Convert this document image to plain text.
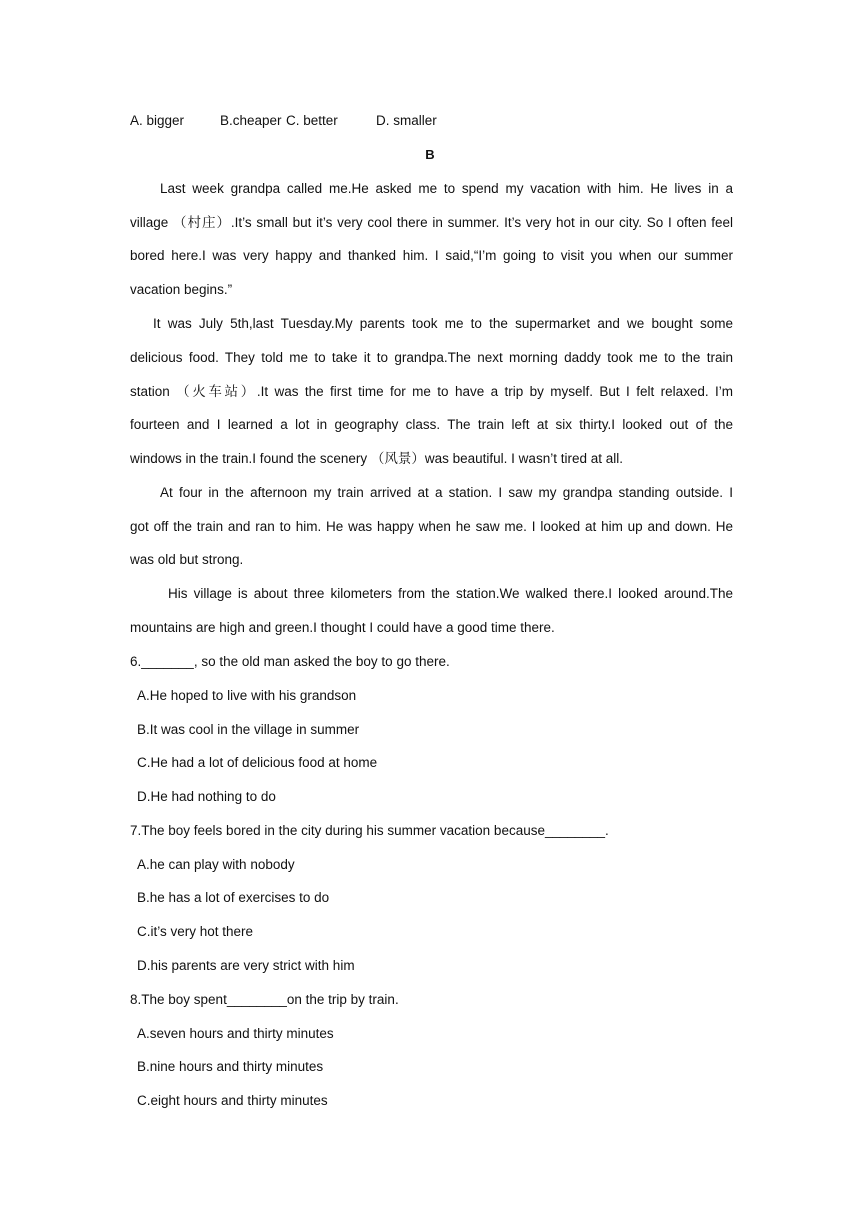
A. bigger	B.cheaper C. better	D. smaller
B
Last week grandpa called me.He asked me to spend my vacation with him. He lives in a
village （村庄）.It’s small but it’s very cool there in summer. It’s very hot in our city. So I often feel
bored here.I was very happy and thanked him. I said,“I’m going to visit you when our summer
vacation begins.”
It was July 5th,last Tuesday.My parents took me to the supermarket and we bought some
delicious food. They told me to take it to grandpa.The next morning daddy took me to the train
station （火车站）.It was the first time for me to have a trip by myself. But I felt relaxed. I’m
fourteen and I learned a lot in geography class. The train left at six thirty.I looked out of the
windows in the train.I found the scenery （风景）was beautiful. I wasn’t tired at all.
At four in the afternoon my train arrived at a station. I saw my grandpa standing outside. I
got off the train and ran to him. He was happy when he saw me. I looked at him up and down. He
was old but strong.
His village is about three kilometers from the station.We walked there.I looked around.The
mountains are high and green.I thought I could have a good time there.
6._______, so the old man asked the boy to go there.
A.He hoped to live with his grandson
B.It was cool in the village in summer
C.He had a lot of delicious food at home
D.He had nothing to do
7.The boy feels bored in the city during his summer vacation because________.
A.he can play with nobody
B.he has a lot of exercises to do
C.it’s very hot there
D.his parents are very strict with him
8.The boy spent________on the trip by train.
A.seven hours and thirty minutes
B.nine hours and thirty minutes
C.eight hours and thirty minutes
